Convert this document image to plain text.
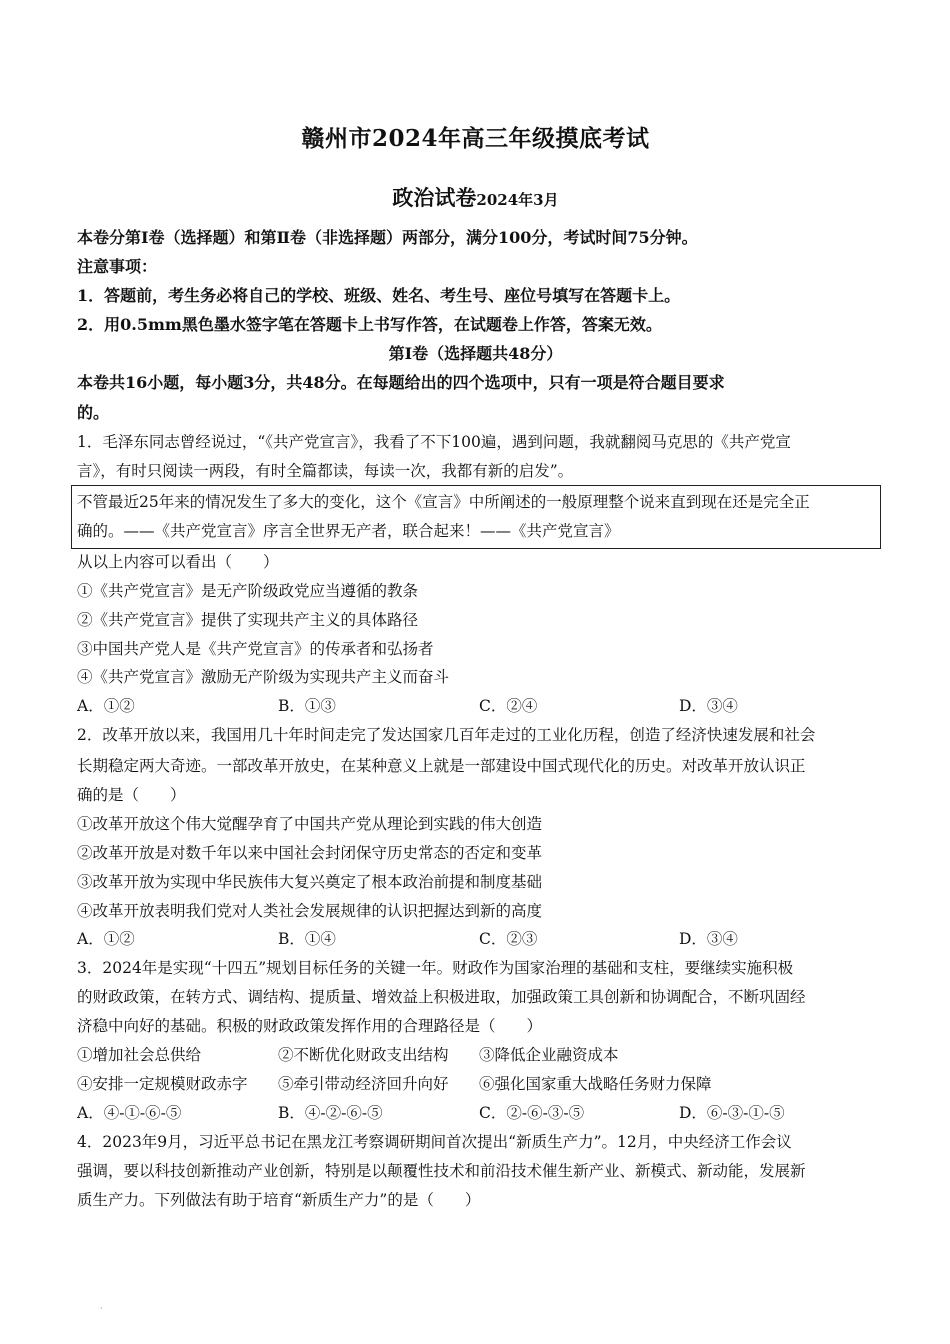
赣州市2024年高三年级摸底考试
政治试卷2024年3月
本卷分第Ⅰ卷（选择题）和第Ⅱ卷（非选择题）两部分，满分100分，考试时间75分钟。
注意事项：
1．答题前，考生务必将自己的学校、班级、姓名、考生号、座位号填写在答题卡上。
2．用0.5mm黑色墨水签字笔在答题卡上书写作答，在试题卷上作答，答案无效。
第Ⅰ卷（选择题共48分）
本卷共16小题，每小题3分，共48分。在每题给出的四个选项中，只有一项是符合题目要求
的。
1．毛泽东同志曾经说过，“《共产党宣言》，我看了不下100遍，遇到问题，我就翻阅马克思的《共产党宣
言》，有时只阅读一两段，有时全篇都读，每读一次，我都有新的启发”。
不管最近25年来的情况发生了多大的变化，这个《宣言》中所阐述的一般原理整个说来直到现在还是完全正
确的。——《共产党宣言》序言全世界无产者，联合起来！——《共产党宣言》
从以上内容可以看出（　　）
①《共产党宣言》是无产阶级政党应当遵循的教条
②《共产党宣言》提供了实现共产主义的具体路径
③中国共产党人是《共产党宣言》的传承者和弘扬者
④《共产党宣言》激励无产阶级为实现共产主义而奋斗
A．①②	B．①③	C．②④	D．③④
2．改革开放以来，我国用几十年时间走完了发达国家几百年走过的工业化历程，创造了经济快速发展和社会
长期稳定两大奇迹。一部改革开放史，在某种意义上就是一部建设中国式现代化的历史。对改革开放认识正
确的是（　　）
①改革开放这个伟大觉醒孕育了中国共产党从理论到实践的伟大创造
②改革开放是对数千年以来中国社会封闭保守历史常态的否定和变革
③改革开放为实现中华民族伟大复兴奠定了根本政治前提和制度基础
④改革开放表明我们党对人类社会发展规律的认识把握达到新的高度
A．①②	B．①④	C．②③	D．③④
3．2024年是实现“十四五”规划目标任务的关键一年。财政作为国家治理的基础和支柱，要继续实施积极
的财政政策，在转方式、调结构、提质量、增效益上积极进取，加强政策工具创新和协调配合，不断巩固经
济稳中向好的基础。积极的财政政策发挥作用的合理路径是（　　）
①增加社会总供给	②不断优化财政支出结构 ③降低企业融资成本
④安排一定规模财政赤字 ⑤牵引带动经济回升向好 ⑥强化国家重大战略任务财力保障
A．④-①-⑥-⑤	B．④-②-⑥-⑤	C．②-⑥-③-⑤	D．⑥-③-①-⑤
4．2023年9月，习近平总书记在黑龙江考察调研期间首次提出“新质生产力”。12月，中央经济工作会议
强调，要以科技创新推动产业创新，特别是以颠覆性技术和前沿技术催生新产业、新模式、新动能，发展新
质生产力。下列做法有助于培育“新质生产力”的是（　　）
·
